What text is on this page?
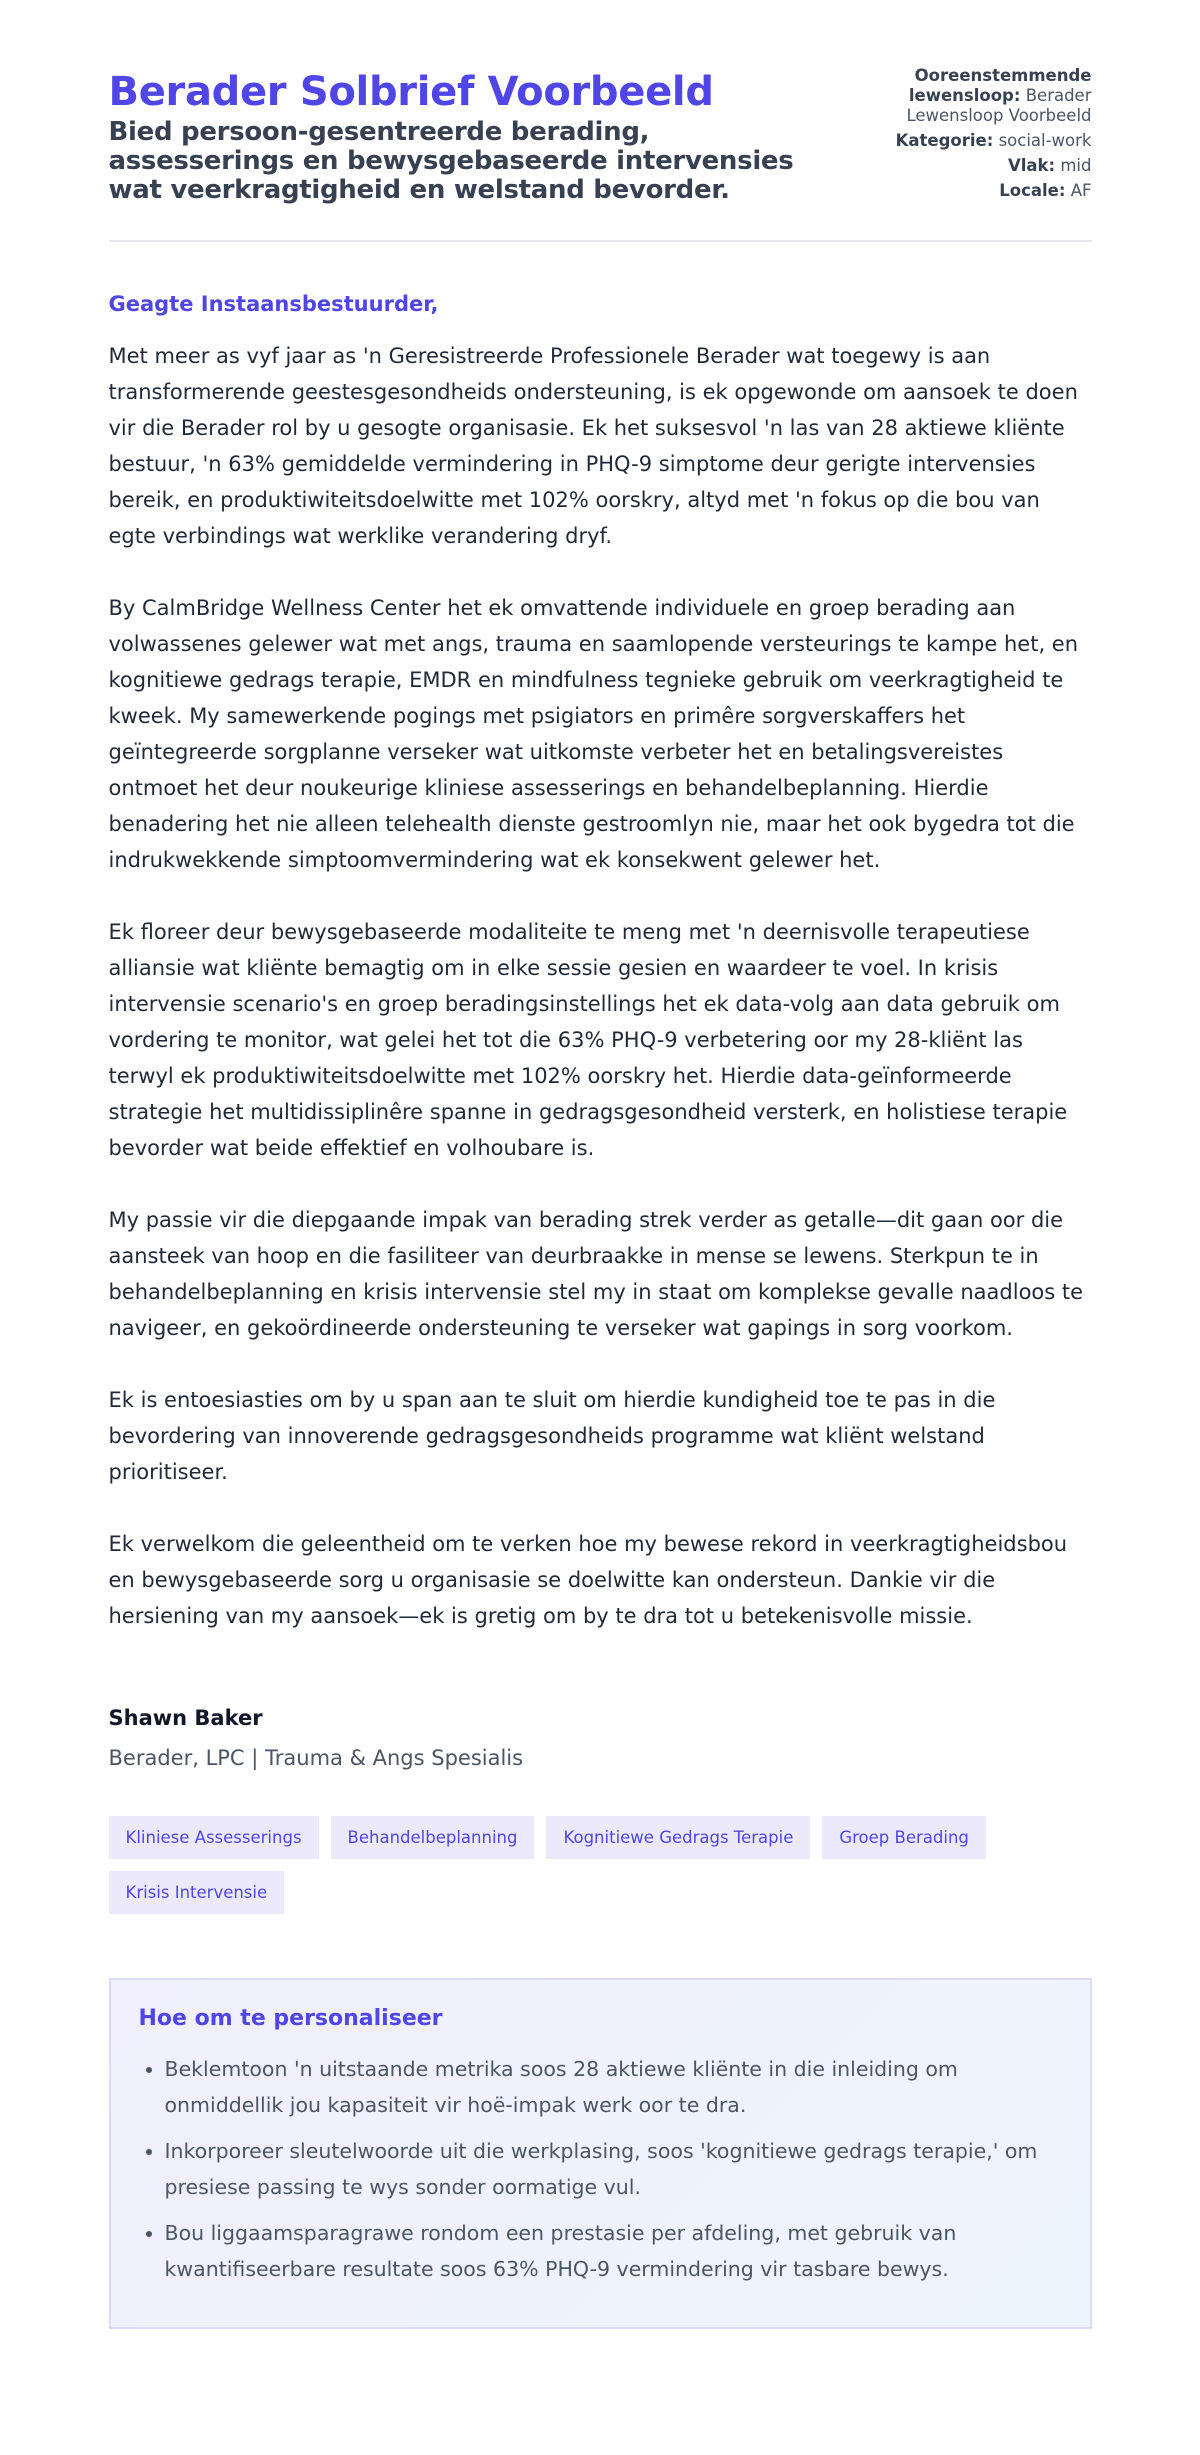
Berader Solbrief Voorbeeld

Bied persoon-gesentreerde berading, assesserings en bewysgebaseerde intervensies wat veerkragtigheid en welstand bevorder.

Ooreenstemmende lewensloop: Berader Lewensloop Voorbeeld
Kategorie: social-work
Vlak: mid
Locale: AF
Geagte Instaansbestuurder,

Met meer as vyf jaar as 'n Geresistreerde Professionele Berader wat toegewy is aan transformerende geestesgesondheids ondersteuning, is ek opgewonde om aansoek te doen vir die Berader rol by u gesogte organisasie. Ek het suksesvol 'n las van 28 aktiewe kliënte bestuur, 'n 63% gemiddelde vermindering in PHQ-9 simptome deur gerigte intervensies bereik, en produktiwiteitsdoelwitte met 102% oorskry, altyd met 'n fokus op die bou van egte verbindings wat werklike verandering dryf.

By CalmBridge Wellness Center het ek omvattende individuele en groep berading aan volwassenes gelewer wat met angs, trauma en saamlopende versteurings te kampe het, en kognitiewe gedrags terapie, EMDR en mindfulness tegnieke gebruik om veerkragtigheid te kweek. My samewerkende pogings met psigiators en primêre sorgverskaffers het geïntegreerde sorgplanne verseker wat uitkomste verbeter het en betalingsvereistes ontmoet het deur noukeurige kliniese assesserings en behandelbeplanning. Hierdie benadering het nie alleen telehealth dienste gestroomlyn nie, maar het ook bygedra tot die indrukwekkende simptoomvermindering wat ek konsekwent gelewer het.

Ek floreer deur bewysgebaseerde modaliteite te meng met 'n deernisvolle terapeutiese alliansie wat kliënte bemagtig om in elke sessie gesien en waardeer te voel. In krisis intervensie scenario's en groep beradingsinstellings het ek data-volg aan data gebruik om vordering te monitor, wat gelei het tot die 63% PHQ-9 verbetering oor my 28-kliënt las terwyl ek produktiwiteitsdoelwitte met 102% oorskry het. Hierdie data-geïnformeerde strategie het multidissiplinêre spanne in gedragsgesondheid versterk, en holistiese terapie bevorder wat beide effektief en volhoubare is.

My passie vir die diepgaande impak van berading strek verder as getalle—dit gaan oor die aansteek van hoop en die fasiliteer van deurbraakke in mense se lewens. Sterkpun te in behandelbeplanning en krisis intervensie stel my in staat om komplekse gevalle naadloos te navigeer, en gekoördineerde ondersteuning te verseker wat gapings in sorg voorkom.

Ek is entoesiasties om by u span aan te sluit om hierdie kundigheid toe te pas in die bevordering van innoverende gedragsgesondheids programme wat kliënt welstand prioritiseer.

Ek verwelkom die geleentheid om te verken hoe my bewese rekord in veerkragtigheidsbou en bewysgebaseerde sorg u organisasie se doelwitte kan ondersteun. Dankie vir die hersiening van my aansoek—ek is gretig om by te dra tot u betekenisvolle missie.

Shawn Baker
Berader, LPC | Trauma & Angs Spesialis
Kliniese Assesserings	Behandelbeplanning	Kognitiewe Gedrags Terapie	Groep Berading
Krisis Intervensie
Hoe om te personaliseer
• Beklemtoon 'n uitstaande metrika soos 28 aktiewe kliënte in die inleiding om onmiddellik jou kapasiteit vir hoë-impak werk oor te dra.
• Inkorporeer sleutelwoorde uit die werkplasing, soos 'kognitiewe gedrags terapie,' om presiese passing te wys sonder oormatige vul.
• Bou liggaamsparagrawe rondom een prestasie per afdeling, met gebruik van kwantifiseerbare resultate soos 63% PHQ-9 vermindering vir tasbare bewys.
